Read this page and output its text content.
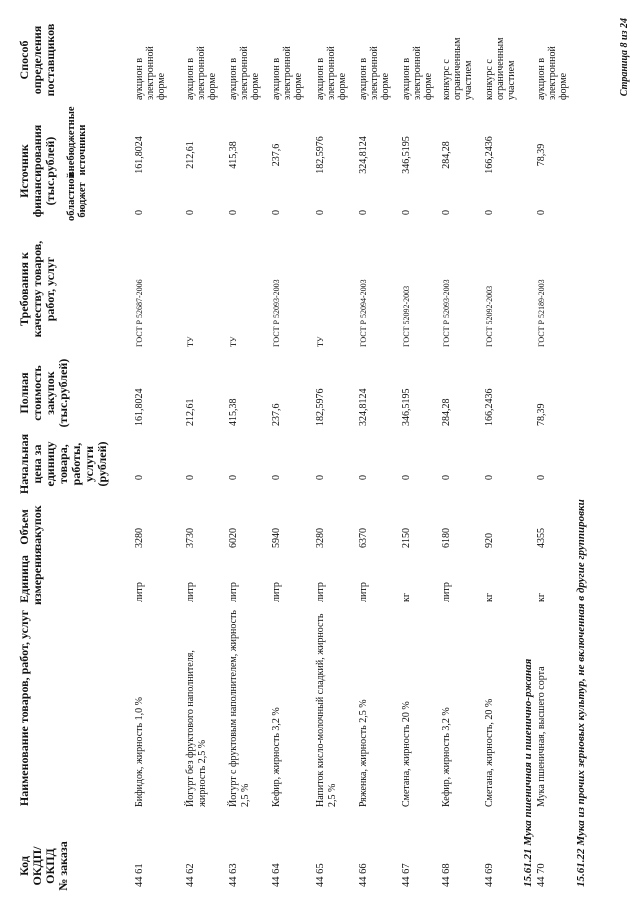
Код ОКДП/ ОКПД № заказа
Наименование товаров, работ, услуг
Единица измерения
Объем закупок
Начальная цена за единицу товара, работы, услуги (рублей)
Полная стоимость закупок (тыс.рублей)
Требования к качеству товаров, работ, услуг
Источник финансирования (тыс.рублей) областной бюджет
внебюджетные источники
Способ определения поставщиков
44 61
Бифидок, жирность 1,0 %
литр
3280
0
161,8024
ГОСТ Р 52687-2006
0
161,8024
аукцион в электронной форме
44 62
Йогурт без фруктового наполнителя, жирность 2,5 %
литр
3730
0
212,61
ТУ
0
212,61
аукцион в электронной форме
44 63
Йогурт с фруктовым наполнителем, жирность 2,5 %
литр
6020
0
415,38
ТУ
0
415,38
аукцион в электронной форме
44 64
Кефир, жирность 3,2 %
литр
5940
0
237,6
ГОСТ Р 52093-2003
0
237,6
аукцион в электронной форме
44 65
Напиток кисло-молочный сладкий, жирность 2,5 %
литр
3280
0
182,5976
ТУ
0
182,5976
аукцион в электронной форме
44 66
Ряженка, жирность 2,5 %
литр
6370
0
324,8124
ГОСТ Р 52094-2003
0
324,8124
аукцион в электронной форме
44 67
Сметана, жирность 20 %
кг
2150
0
346,5195
ГОСТ 52092-2003
0
346,5195
аукцион в электронной форме
44 68
Кефир, жирность 3,2 %
литр
6180
0
284,28
ГОСТ Р 52093-2003
0
284,28
конкурс с ограниченным участием
44 69
Сметана, жирность, 20 %
кг
920
0
166,2436
ГОСТ 52092-2003
0
166,2436
конкурс с ограниченным участием
15.61.21 Мука пшеничная и пшенично-ржаная 44 70
Мука пшеничная, высшего сорта
кг
4355
0
78,39
ГОСТ Р 52189-2003
0
78,39
аукцион в электронной форме
15.61.22 Мука из прочих зерновых культур, не включенная в другие группировки
Страница 8 из 24
